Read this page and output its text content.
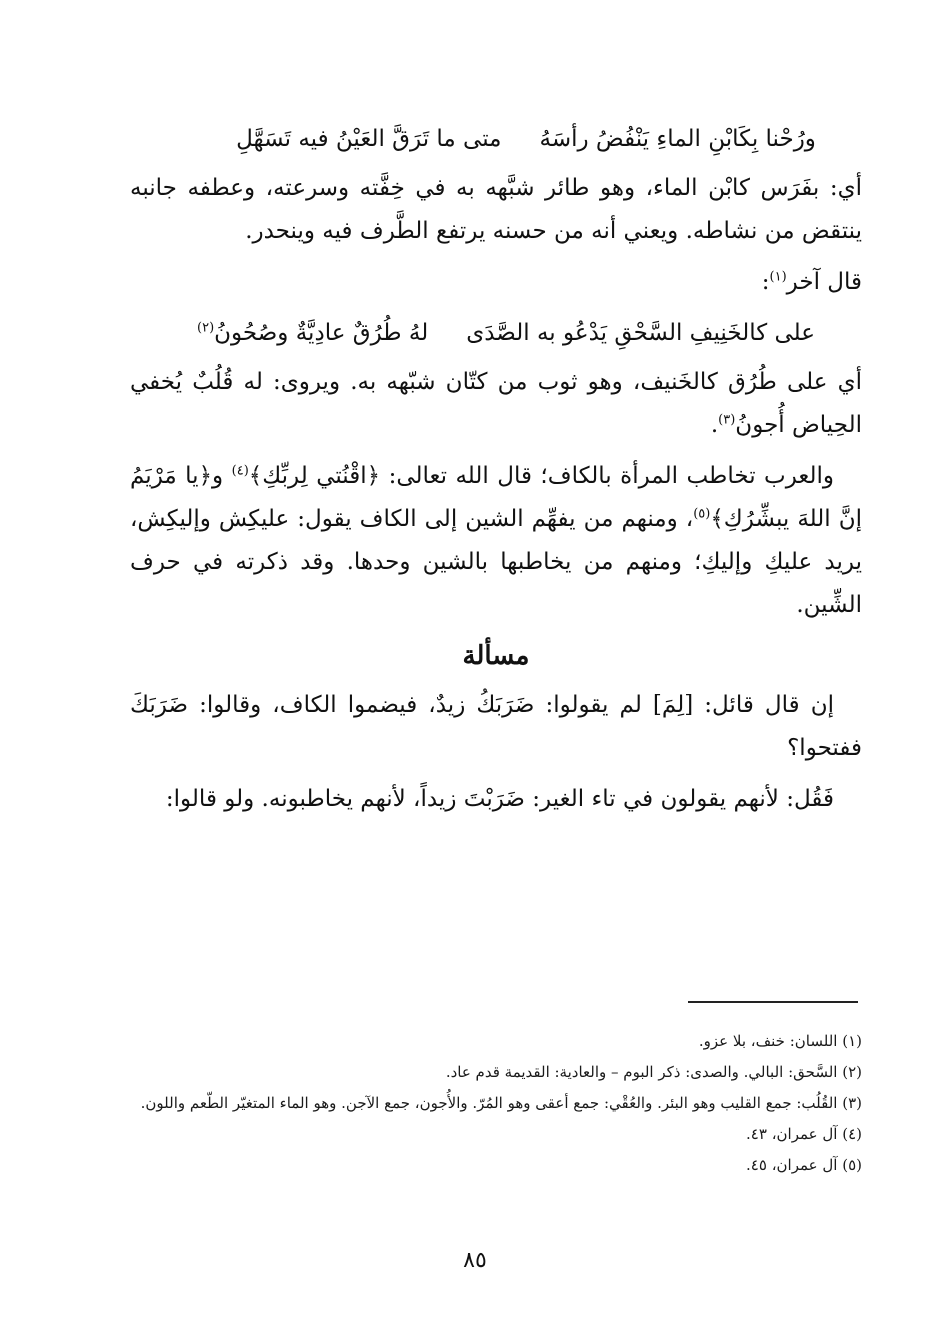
ورُحْنا بِكَابْنِ الماءِ يَنْفُضُ رأسَهُ
متى ما تَرَقَّ العَيْنُ فيه تَسَهَّلِ

أي: بفَرَس كابْن الماء، وهو طائر شبَّهه به في خِفَّته وسرعته، وعطفه جانبه ينتقض من نشاطه. ويعني أنه من حسنه يرتفع الطَّرف فيه وينحدر.

قال آخر$^{(١)}$:

على كالخَنِيفِ السَّحْقِ يَدْعُو به الصَّدَى
لهُ طُرُقٌ عادِيَّةٌ وصُحُونُ$^{(٢)}$

أي على طُرُق كالخَنيف، وهو ثوب من كتّان شبّهه به. ويروى: له قُلُبٌ يُخفي الحِياض أُجونُ$^{(٣)}$.

والعرب تخاطب المرأة بالكاف؛ قال الله تعالى: ﴿اقْنُتي لِربِّكِ﴾$^{(٤)}$ و﴿يا مَرْيَمُ إنَّ اللهَ يبشِّرُكِ﴾$^{(٥)}$، ومنهم من يفهِّم الشين إلى الكاف يقول: عليكِش وإليكِش، يريد عليكِ وإليكِ؛ ومنهم من يخاطبها بالشين وحدها. وقد ذكرته في حرف الشِّين.

مسألة

إن قال قائل: [لِمَ] لم يقولوا: ضَرَبَكُ زيدٌ، فيضموا الكاف، وقالوا: ضَرَبَكَ ففتحوا؟

فَقُل: لأنهم يقولون في تاء الغير: ضَرَبْتَ زيداً، لأنهم يخاطبونه. ولو قالوا:

(١) اللسان: خنف، بلا عزو.

(٢) السَّحق: البالي. والصدى: ذكر البوم – والعادية: القديمة قدم عاد.

(٣) القُلُب: جمع القليب وهو البئر. والعُقْي: جمع أعقى وهو المُرّ. والأُجون، جمع الآجن. وهو الماء المتغيّر الطّعم واللون.

(٤) آل عمران، ٤٣.

(٥) آل عمران، ٤٥.

٨٥
